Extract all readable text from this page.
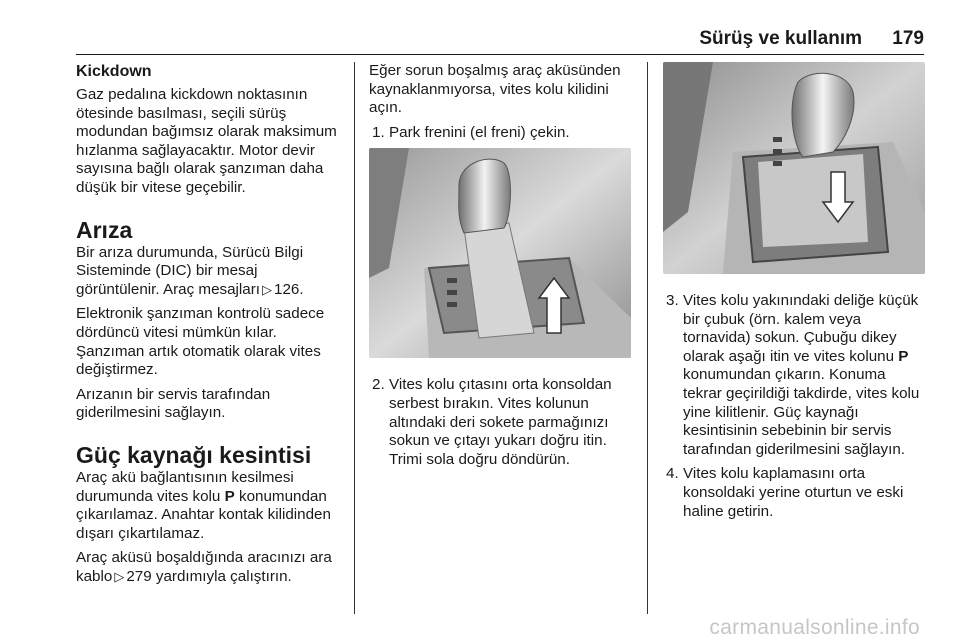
Sürüş ve kullanım 179
Kickdown

Gaz pedalına kickdown noktasının ötesinde basılması, seçili sürüş modundan bağımsız olarak maksimum hızlanma sağlayacaktır. Motor devir sayısına bağlı olarak şanzıman daha düşük bir vitese geçebilir.

Arıza

Bir arıza durumunda, Sürücü Bilgi Sisteminde (DIC) bir mesaj görüntülenir. Araç mesajları ▷ 126.

Elektronik şanzıman kontrolü sadece dördüncü vitesi mümkün kılar. Şanzıman artık otomatik olarak vites değiştirmez.

Arızanın bir servis tarafından giderilmesini sağlayın.

Güç kaynağı kesintisi

Araç akü bağlantısının kesilmesi durumunda vites kolu P konumundan çıkarılamaz. Anahtar kontak kilidinden dışarı çıkartılamaz.

Araç aküsü boşaldığında aracınızı ara kablo ▷ 279 yardımıyla çalıştırın.

Eğer sorun boşalmış araç aküsünden kaynaklanmıyorsa, vites kolu kilidini açın.

1. Park frenini (el freni) çekin.
2. Vites kolu çıtasını orta konsoldan serbest bırakın. Vites kolunun altındaki deri sokete parmağınızı sokun ve çıtayı yukarı doğru itin. Trimi sola doğru döndürün.
3. Vites kolu yakınındaki deliğe küçük bir çubuk (örn. kalem veya tornavida) sokun. Çubuğu dikey olarak aşağı itin ve vites kolunu P konumundan çıkarın. Konuma tekrar geçirildiği takdirde, vites kolu yine kilitlenir. Güç kaynağı kesintisinin sebebinin bir servis tarafından giderilmesini sağlayın.
4. Vites kolu kaplamasını orta konsoldaki yerine oturtun ve eski haline getirin.
carmanualsonline.info
